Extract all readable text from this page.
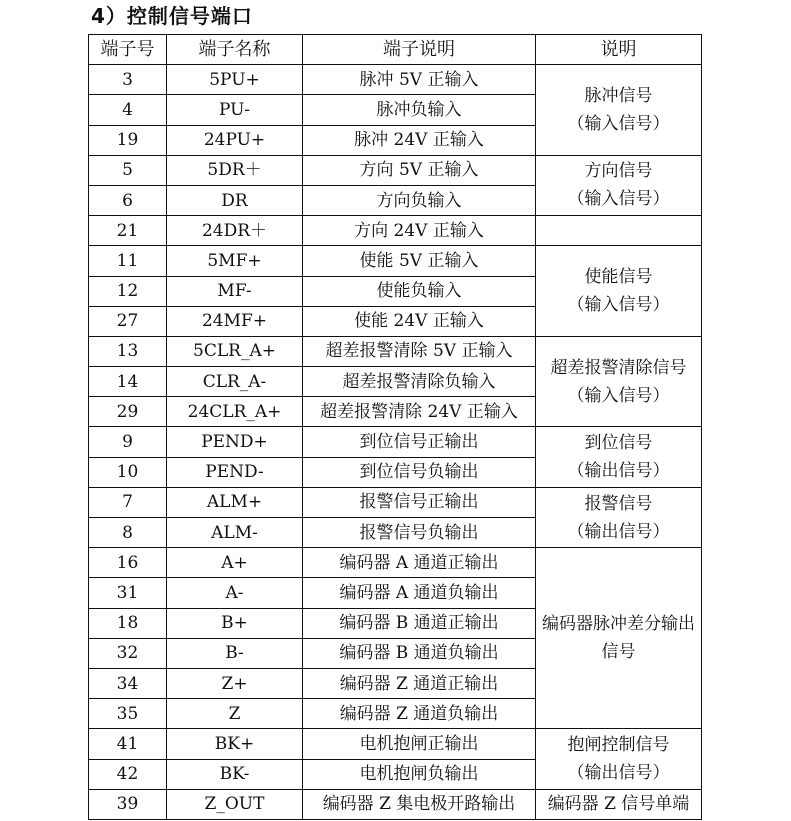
4）控制信号端口
端子号	端子名称	端子说明	说明
3	5PU+	脉冲 5V 正输入	脉冲信号
（输入信号）

4	PU-	脉冲负输入	
19	24PU+	脉冲 24V 正输入	
5	5DR＋	方向 5V 正输入	方向信号
（输入信号）

6	DR	方向负输入	
21	24DR＋	方向 24V 正输入	
11	5MF+	使能 5V 正输入	使能信号
（输入信号）

12	MF-	使能负输入	
27	24MF+	使能 24V 正输入	
13	5CLR_A+	超差报警清除 5V 正输入	超差报警清除信号
（输入信号）

14	CLR_A-	超差报警清除负输入	
29	24CLR_A+	超差报警清除 24V 正输入	
9	PEND+	到位信号正输出	到位信号
（输出信号）

10	PEND-	到位信号负输出	
7	ALM+	报警信号正输出	报警信号
（输出信号）

8	ALM-	报警信号负输出	
16	A+	编码器 A 通道正输出	编码器脉冲差分输出信号
31	A-	编码器 A 通道负输出	
18	B+	编码器 B 通道正输出	
32	B-	编码器 B 通道负输出	
34	Z+	编码器 Z 通道正输出	
35	Z	编码器 Z 通道负输出	
41	BK+	电机抱闸正输出	抱闸控制信号
（输出信号）

42	BK-	电机抱闸负输出	
39	Z_OUT	编码器 Z 集电极开路输出	编码器 Z 信号单端
